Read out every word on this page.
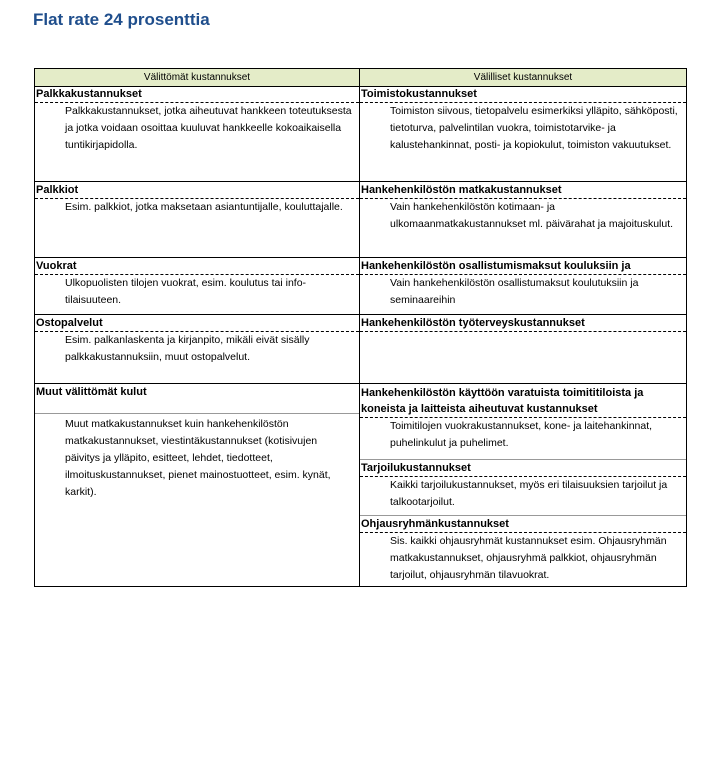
Flat rate 24 prosenttia
Välittömät kustannukset
Palkkakustannukset
Palkkakustannukset, jotka aiheutuvat hankkeen toteutuksesta ja jotka voidaan osoittaa kuuluvat hankkeelle kokoaikaisella tuntikirjapidolla.
Palkkiot
Esim. palkkiot, jotka maksetaan asiantuntijalle, kouluttajalle.
Vuokrat
Ulkopuolisten tilojen vuokrat, esim. koulutus tai info-tilaisuuteen.
Ostopalvelut
Esim. palkanlaskenta ja kirjanpito, mikäli eivät sisälly palkkakustannuksiin, muut ostopalvelut.
Muut välittömät kulut
Muut matkakustannukset kuin hankehenkilöstön matkakustannukset, viestintäkustannukset (kotisivujen päivitys ja ylläpito, esitteet, lehdet, tiedotteet, ilmoituskustannukset, pienet mainostuotteet, esim. kynät, karkit).
Välilliset kustannukset
Toimistokustannukset
Toimiston siivous, tietopalvelu esimerkiksi ylläpito, sähköposti, tietoturva, palvelintilan vuokra, toimistotarvike- ja kalustehankinnat, posti- ja kopiokulut, toimiston vakuutukset.
Hankehenkilöstön matkakustannukset
Vain hankehenkilöstön kotimaan- ja ulkomaanmatkakustannukset ml. päivärahat ja majoituskulut.
Hankehenkilöstön osallistumismaksut kouluksiin ja
Vain hankehenkilöstön osallistumaksut koulutuksiin ja seminaareihin
Hankehenkilöstön työterveyskustannukset
Hankehenkilöstön käyttöön varatuista toimititiloista ja koneista ja laitteista aiheutuvat kustannukset
Toimitilojen vuokrakustannukset, kone- ja laitehankinnat, puhelinkulut ja puhelimet.
Tarjoilukustannukset
Kaikki tarjoilukustannukset, myös eri tilaisuuksien tarjoilut ja talkootarjoilut.
Ohjausryhmänkustannukset
Sis. kaikki ohjausryhmät kustannukset esim. Ohjausryhmän matkakustannukset, ohjausryhmä palkkiot, ohjausryhmän tarjoilut, ohjausryhmän tilavuokrat.
